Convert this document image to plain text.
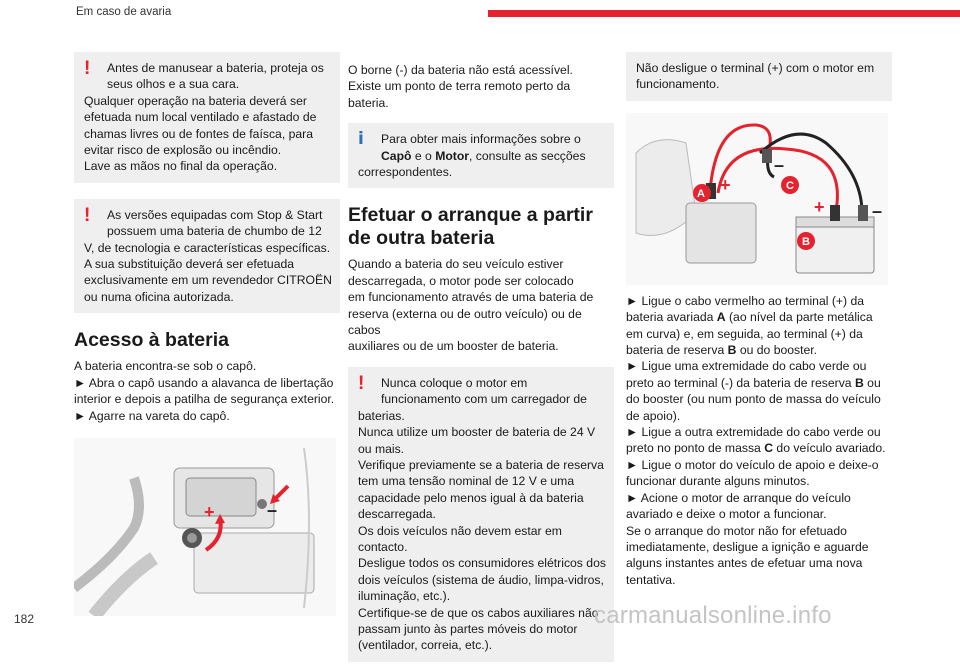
Em caso de avaria
!	Antes de manusear a bateria, proteja os
seus olhos e a sua cara.
Qualquer operação na bateria deverá ser
efetuada num local ventilado e afastado de
chamas livres ou de fontes de faísca, para
evitar risco de explosão ou incêndio.
Lave as mãos no final da operação.
!	As versões equipadas com Stop & Start
possuem uma bateria de chumbo de 12
V, de tecnologia e características específicas.
A sua substituição deverá ser efetuada
exclusivamente em um revendedor CITROËN
ou numa oficina autorizada.
Acesso à bateria
A bateria encontra-se sob o capô.
► Abra o capô usando a alavanca de libertação
interior e depois a patilha de segurança exterior.
► Agarre na vareta do capô.
+	–
O borne (-) da bateria não está acessível.
Existe um ponto de terra remoto perto da
bateria.
i	Para obter mais informações sobre o
Capô e o Motor, consulte as secções
correspondentes.
Efetuar o arranque a partir
de outra bateria
Quando a bateria do seu veículo estiver
descarregada, o motor pode ser colocado
em funcionamento através de uma bateria de
reserva (externa ou de outro veículo) ou de cabos
auxiliares ou de um booster de bateria.
!	Nunca coloque o motor em
funcionamento com um carregador de
baterias.
Nunca utilize um booster de bateria de 24 V
ou mais.
Verifique previamente se a bateria de reserva
tem uma tensão nominal de 12 V e uma
capacidade pelo menos igual à da bateria
descarregada.
Os dois veículos não devem estar em
contacto.
Desligue todos os consumidores elétricos dos
dois veículos (sistema de áudio, limpa-vidros,
iluminação, etc.).
Certifique-se de que os cabos auxiliares não
passam junto às partes móveis do motor
(ventilador, correia, etc.).
Não desligue o terminal (+) com o motor em
funcionamento.
A
C
B
+
+
–
–
► Ligue o cabo vermelho ao terminal (+) da
bateria avariada A (ao nível da parte metálica
em curva) e, em seguida, ao terminal (+) da
bateria de reserva B ou do booster.
► Ligue uma extremidade do cabo verde ou
preto ao terminal (-) da bateria de reserva B ou
do booster (ou num ponto de massa do veículo
de apoio).
► Ligue a outra extremidade do cabo verde ou
preto no ponto de massa C do veículo avariado.
► Ligue o motor do veículo de apoio e deixe-o
funcionar durante alguns minutos.
► Acione o motor de arranque do veículo
avariado e deixe o motor a funcionar.
Se o arranque do motor não for efetuado
imediatamente, desligue a ignição e aguarde
alguns instantes antes de efetuar uma nova
tentativa.
182	carmanualsonline.info
